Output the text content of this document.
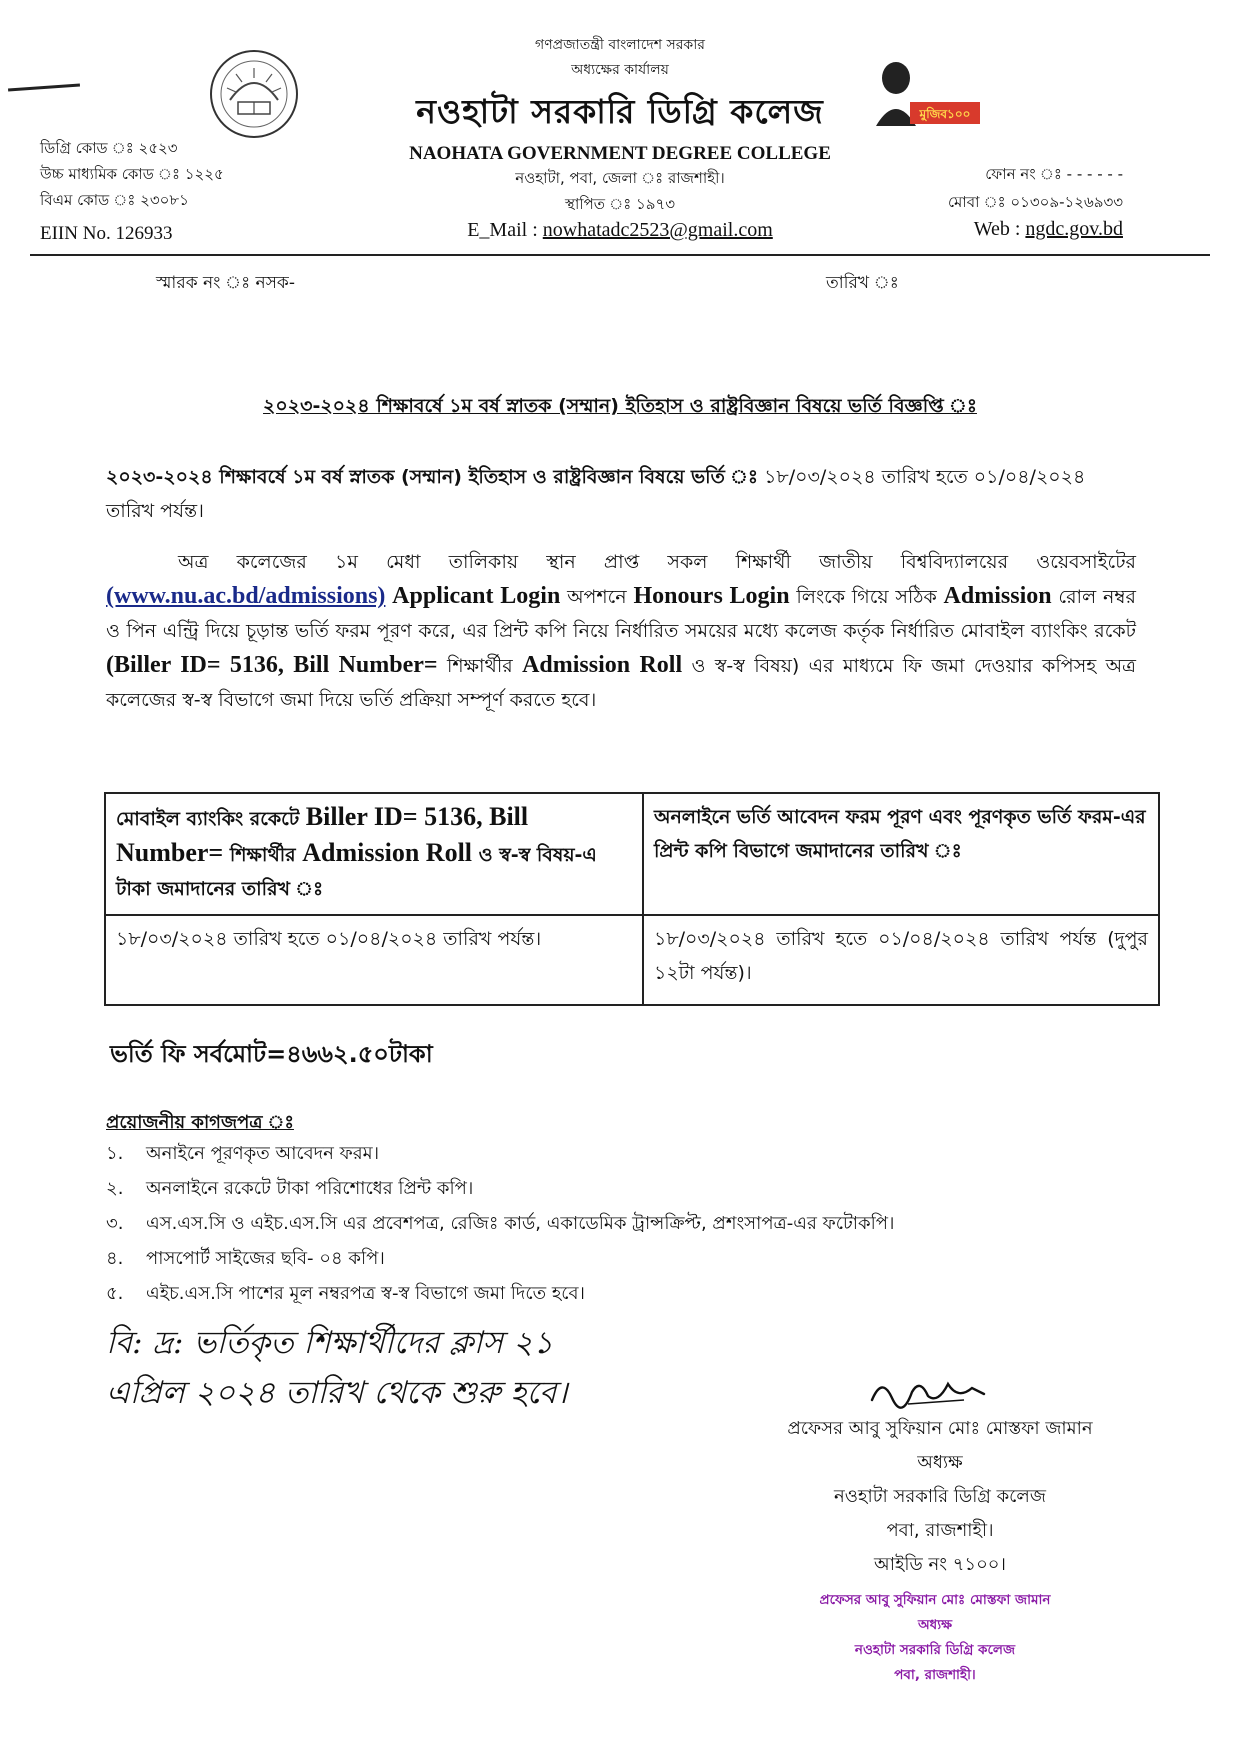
গণপ্রজাতন্ত্রী বাংলাদেশ সরকার
অধ্যক্ষের কার্যালয়
নওহাটা সরকারি ডিগ্রি কলেজ
NAOHATA GOVERNMENT DEGREE COLLEGE
নওহাটা, পবা, জেলা ঃ রাজশাহী।
স্থাপিত ঃ ১৯৭৩
E_Mail : nowhatadc2523@gmail.com
ডিগ্রি কোড ঃ ২৫২৩
উচ্চ মাধ্যমিক কোড ঃ ১২২৫
বিএম কোড ঃ ২৩০৮১
EIIN No. 126933
মুজিব১০০
ফোন নং ঃ - - - - - -
মোবা ঃ ০১৩০৯-১২৬৯৩৩
Web : ngdc.gov.bd
স্মারক নং ঃ নসক-	তারিখ ঃ
২০২৩-২০২৪ শিক্ষাবর্ষে ১ম বর্ষ স্নাতক (সম্মান) ইতিহাস ও রাষ্ট্রবিজ্ঞান বিষয়ে ভর্তি বিজ্ঞপ্তি ঃ
২০২৩-২০২৪ শিক্ষাবর্ষে ১ম বর্ষ স্নাতক (সম্মান) ইতিহাস ও রাষ্ট্রবিজ্ঞান বিষয়ে ভর্তি ঃ ১৮/০৩/২০২৪ তারিখ হতে ০১/০৪/২০২৪ তারিখ পর্যন্ত।
অত্র কলেজের ১ম মেধা তালিকায় স্থান প্রাপ্ত সকল শিক্ষার্থী জাতীয় বিশ্ববিদ্যালয়ের ওয়েবসাইটের (www.nu.ac.bd/admissions) Applicant Login অপশনে Honours Login লিংকে গিয়ে সঠিক Admission রোল নম্বর ও পিন এন্ট্রি দিয়ে চূড়ান্ত ভর্তি ফরম পূরণ করে, এর প্রিন্ট কপি নিয়ে নির্ধারিত সময়ের মধ্যে কলেজ কর্তৃক নির্ধারিত মোবাইল ব্যাংকিং রকেট (Biller ID= 5136, Bill Number= শিক্ষার্থীর Admission Roll ও স্ব-স্ব বিষয়) এর মাধ্যমে ফি জমা দেওয়ার কপিসহ অত্র কলেজের স্ব-স্ব বিভাগে জমা দিয়ে ভর্তি প্রক্রিয়া সম্পূর্ণ করতে হবে।
মোবাইল ব্যাংকিং রকেটে Biller ID= 5136, Bill Number= শিক্ষার্থীর Admission Roll ও স্ব-স্ব বিষয়-এ টাকা জমাদানের তারিখ ঃ	অনলাইনে ভর্তি আবেদন ফরম পূরণ এবং পূরণকৃত ভর্তি ফরম-এর প্রিন্ট কপি বিভাগে জমাদানের তারিখ ঃ
১৮/০৩/২০২৪ তারিখ হতে ০১/০৪/২০২৪ তারিখ পর্যন্ত।	১৮/০৩/২০২৪ তারিখ হতে ০১/০৪/২০২৪ তারিখ পর্যন্ত (দুপুর ১২টা পর্যন্ত)।
ভর্তি ফি সর্বমোট=৪৬৬২.৫০টাকা
প্রয়োজনীয় কাগজপত্র ঃ
১.	অনাইনে পূরণকৃত আবেদন ফরম।
২.	অনলাইনে রকেটে টাকা পরিশোধের প্রিন্ট কপি।
৩.	এস.এস.সি ও এইচ.এস.সি এর প্রবেশপত্র, রেজিঃ কার্ড, একাডেমিক ট্রান্সক্রিপ্ট, প্রশংসাপত্র-এর ফটোকপি।
৪.	পাসপোর্ট সাইজের ছবি- ০৪ কপি।
৫.	এইচ.এস.সি পাশের মূল নম্বরপত্র স্ব-স্ব বিভাগে জমা দিতে হবে।
বি: দ্র: ভর্তিকৃত শিক্ষার্থীদের ক্লাস ২১
এপ্রিল ২০২৪ তারিখ থেকে শুরু হবে।
প্রফেসর আবু সুফিয়ান মোঃ মোস্তফা জামান
অধ্যক্ষ
নওহাটা সরকারি ডিগ্রি কলেজ
পবা, রাজশাহী।
আইডি নং ৭১০০।
প্রফেসর আবু সুফিয়ান মোঃ মোস্তফা জামান
অধ্যক্ষ
নওহাটা সরকারি ডিগ্রি কলেজ
পবা, রাজশাহী।
